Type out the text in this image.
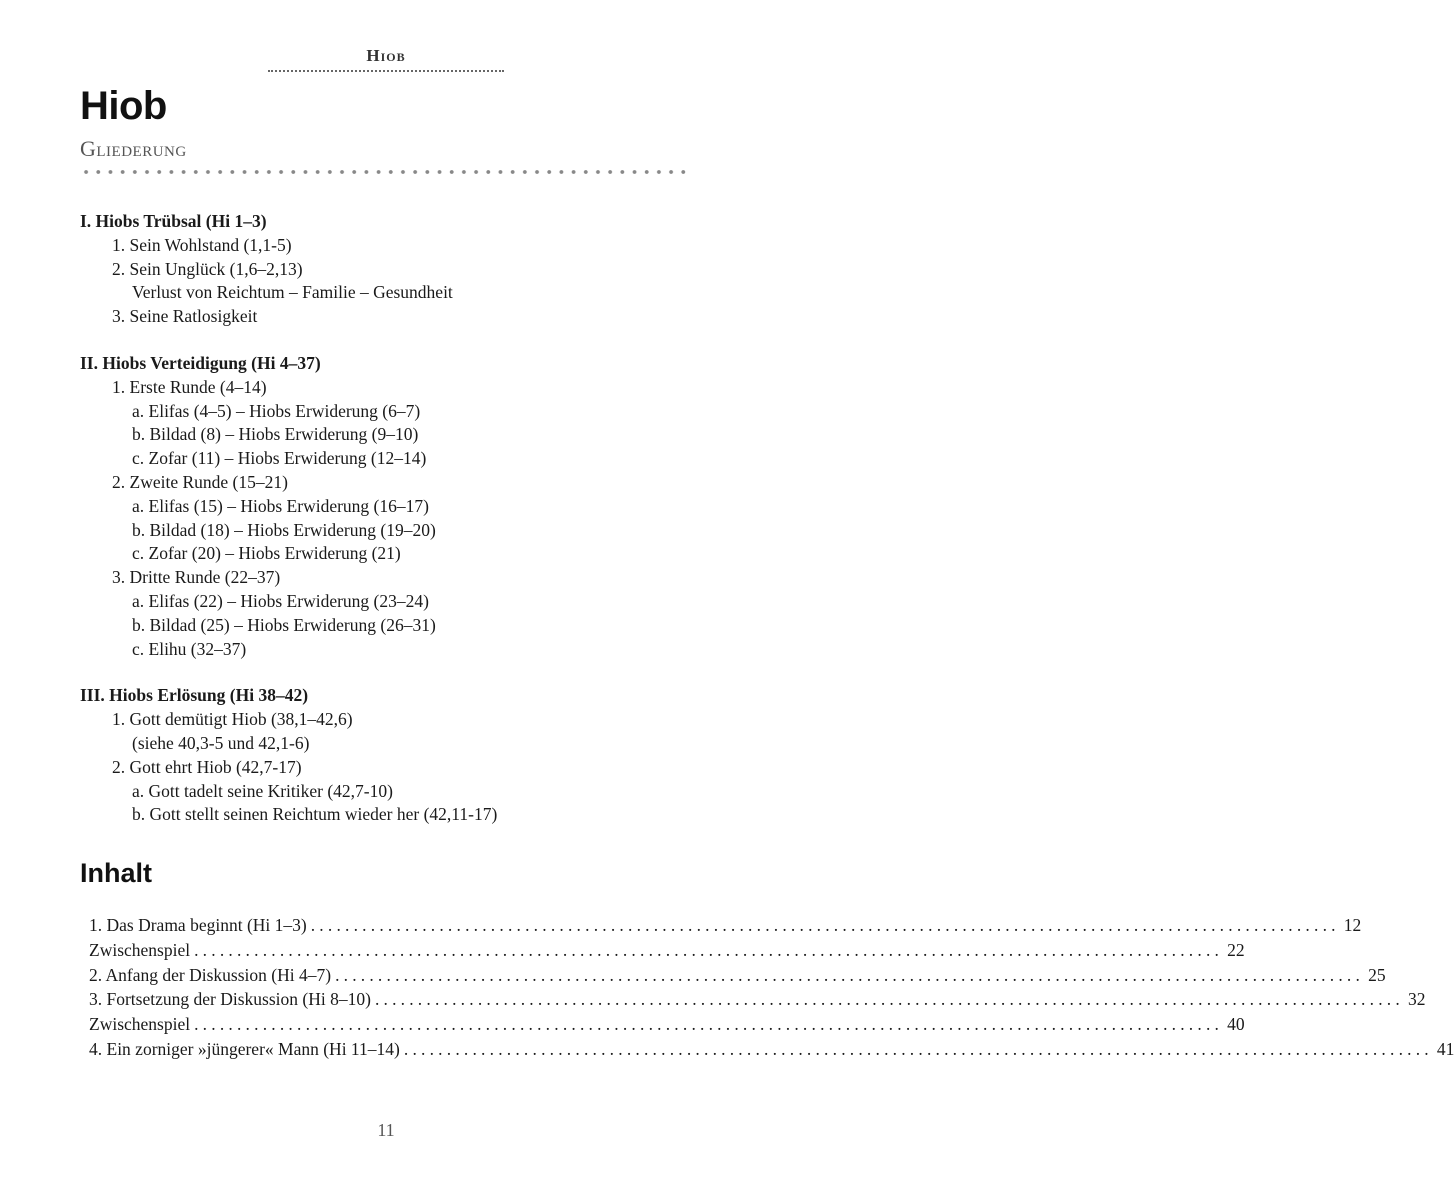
Hiob
Hiob
Gliederung
I. Hiobs Trübsal (Hi 1–3)
1. Sein Wohlstand (1,1-5)
2. Sein Unglück (1,6–2,13)
Verlust von Reichtum – Familie – Gesundheit
3. Seine Ratlosigkeit
II. Hiobs Verteidigung (Hi 4–37)
1. Erste Runde (4–14)
a. Elifas (4–5) – Hiobs Erwiderung (6–7)
b. Bildad (8) – Hiobs Erwiderung (9–10)
c. Zofar (11) – Hiobs Erwiderung (12–14)
2. Zweite Runde (15–21)
a. Elifas (15) – Hiobs Erwiderung (16–17)
b. Bildad (18) – Hiobs Erwiderung (19–20)
c. Zofar (20) – Hiobs Erwiderung (21)
3. Dritte Runde (22–37)
a. Elifas (22) – Hiobs Erwiderung (23–24)
b. Bildad (25) – Hiobs Erwiderung (26–31)
c. Elihu (32–37)
III. Hiobs Erlösung (Hi 38–42)
1. Gott demütigt Hiob (38,1–42,6)
(siehe 40,3-5 und 42,1-6)
2. Gott ehrt Hiob (42,7-17)
a. Gott tadelt seine Kritiker (42,7-10)
b. Gott stellt seinen Reichtum wieder her (42,11-17)
Inhalt
1. Das Drama beginnt (Hi 1–3) ........................................................................................................................ 12
Zwischenspiel ........................................................................................................................ 22
2. Anfang der Diskussion (Hi 4–7) ........................................................................................................................ 25
3. Fortsetzung der Diskussion (Hi 8–10) ........................................................................................................................ 32
Zwischenspiel ........................................................................................................................ 40
4. Ein zorniger »jüngerer« Mann (Hi 11–14) ........................................................................................................................ 41
11
